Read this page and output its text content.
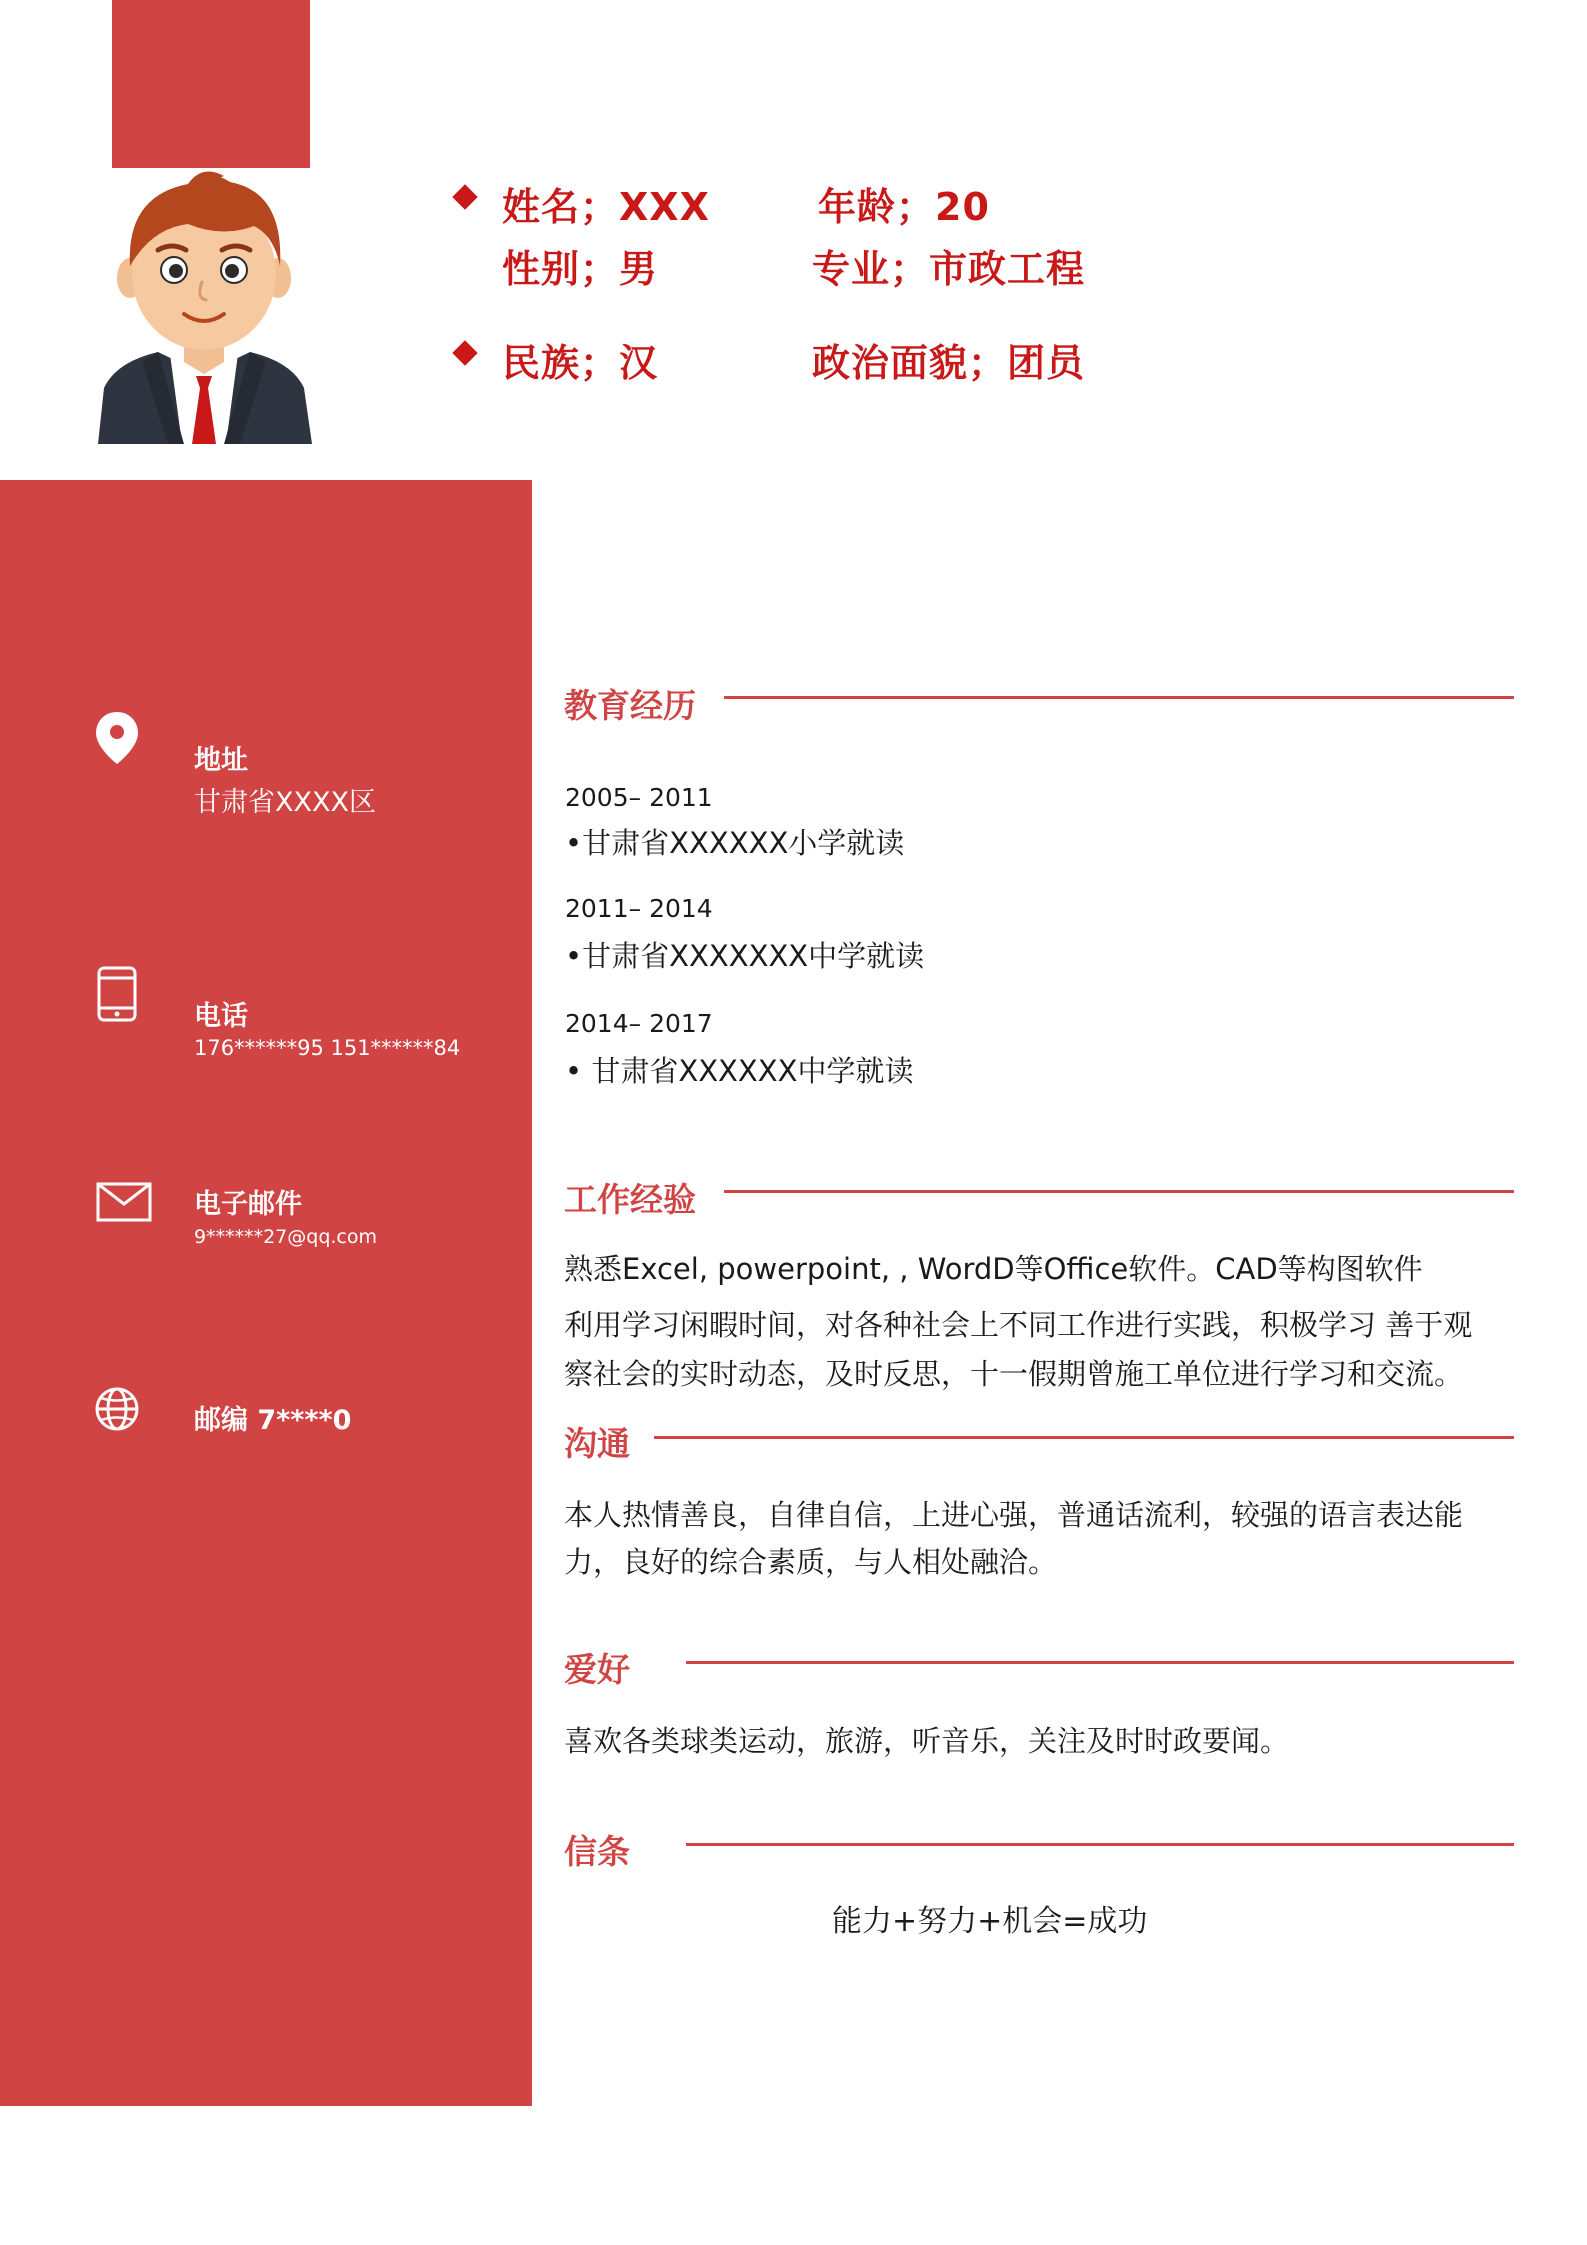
姓名；XXX	年龄；20
性别；男	专业；市政工程
民族；汉	政治面貌；团员
地址
甘肃省XXXX区
电话
176******95 151******84
电子邮件
9******27@qq.com
邮编 7****0
教育经历
2005– 2011
•甘肃省XXXXXX小学就读
2011– 2014
•甘肃省XXXXXXX中学就读
2014– 2017
• 甘肃省XXXXXX中学就读
工作经验
熟悉Excel, powerpoint, , WordD等Office软件。CAD等构图软件
利用学习闲暇时间，对各种社会上不同工作进行实践，积极学习 善于观
察社会的实时动态，及时反思，十一假期曾施工单位进行学习和交流。
沟通
本人热情善良，自律自信，上进心强，普通话流利，较强的语言表达能
力，良好的综合素质，与人相处融洽。
爱好
喜欢各类球类运动，旅游，听音乐，关注及时时政要闻。
信条
能力+努力+机会=成功
